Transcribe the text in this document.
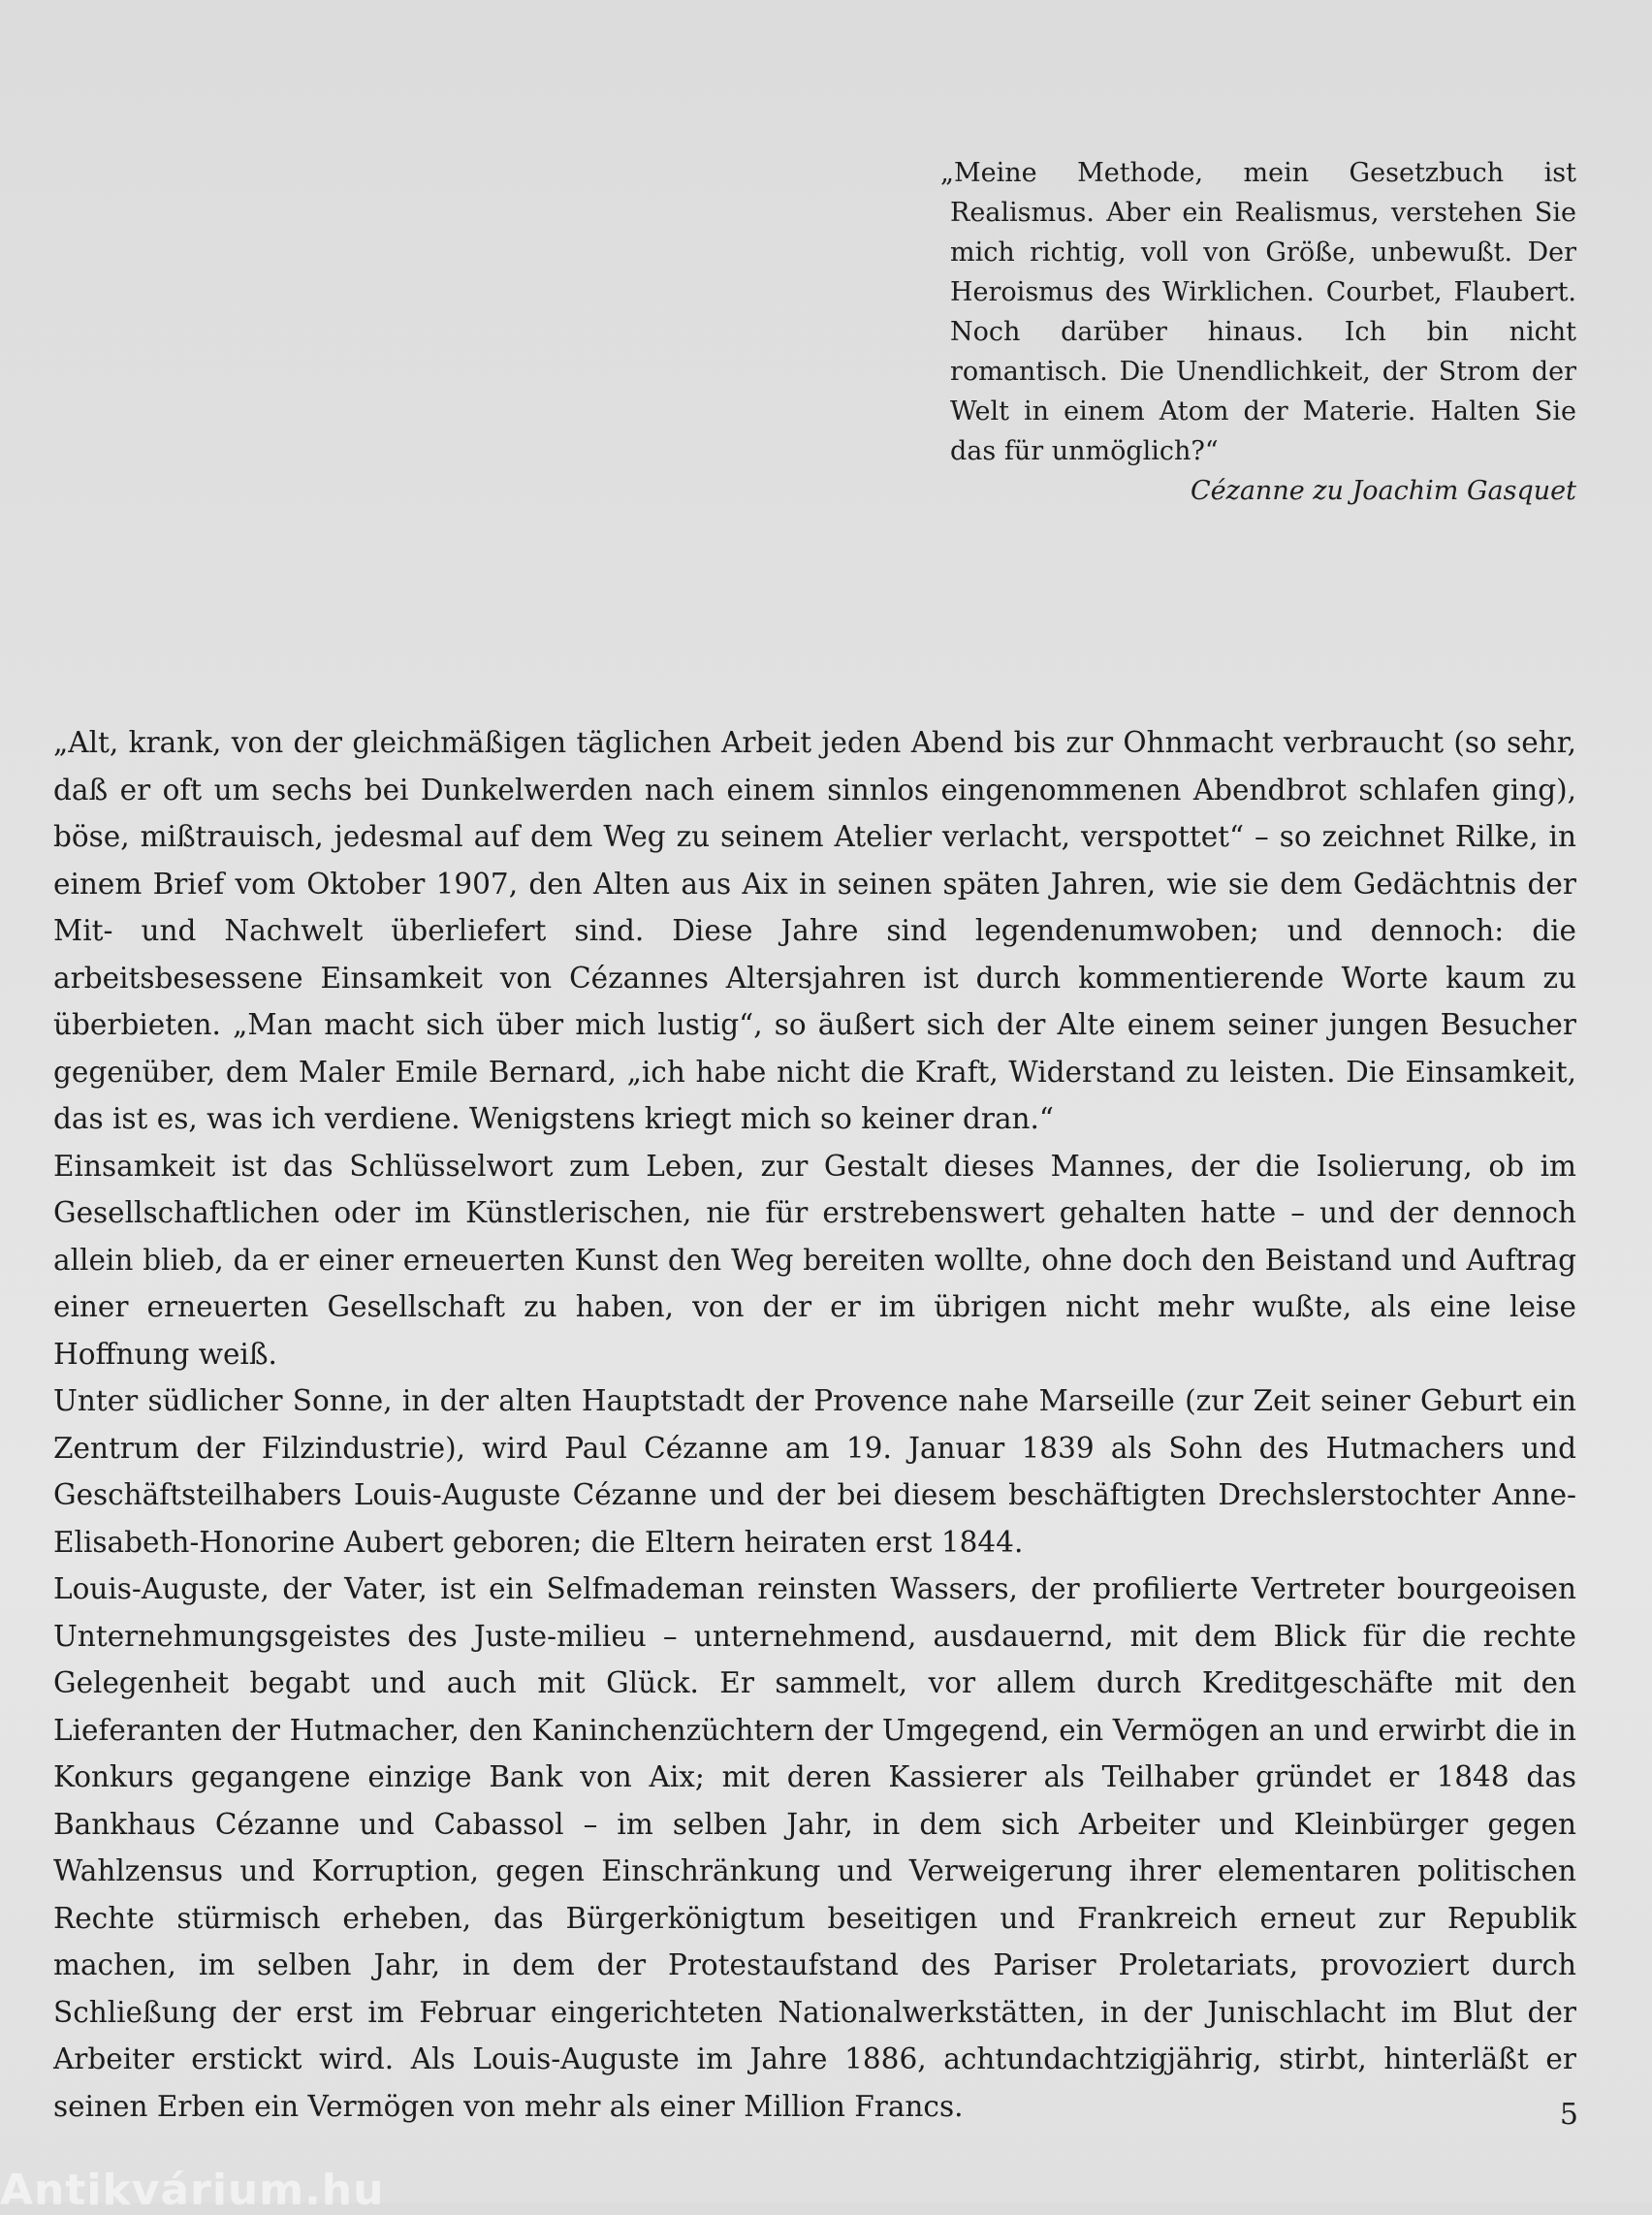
„Meine Methode, mein Gesetzbuch ist Realismus. Aber ein Realismus, verstehen Sie mich richtig, voll von Größe, unbewußt. Der Heroismus des Wirklichen. Courbet, Flaubert. Noch darüber hinaus. Ich bin nicht romantisch. Die Unendlichkeit, der Strom der Welt in einem Atom der Materie. Halten Sie das für unmöglich?“

Cézanne zu Joachim Gasquet

„Alt, krank, von der gleichmäßigen täglichen Arbeit jeden Abend bis zur Ohnmacht verbraucht (so sehr, daß er oft um sechs bei Dunkelwerden nach einem sinnlos eingenommenen Abendbrot schlafen ging), böse, mißtrauisch, jedesmal auf dem Weg zu seinem Atelier verlacht, verspottet“ – so zeichnet Rilke, in einem Brief vom Oktober 1907, den Alten aus Aix in seinen späten Jahren, wie sie dem Gedächtnis der Mit- und Nachwelt überliefert sind. Diese Jahre sind legendenumwoben; und dennoch: die arbeitsbesessene Einsamkeit von Cézannes Altersjahren ist durch kommentierende Worte kaum zu überbieten. „Man macht sich über mich lustig“, so äußert sich der Alte einem seiner jungen Besucher gegenüber, dem Maler Emile Bernard, „ich habe nicht die Kraft, Widerstand zu leisten. Die Einsamkeit, das ist es, was ich verdiene. Wenigstens kriegt mich so keiner dran.“

Einsamkeit ist das Schlüsselwort zum Leben, zur Gestalt dieses Mannes, der die Isolierung, ob im Gesellschaftlichen oder im Künstlerischen, nie für erstrebenswert gehalten hatte – und der dennoch allein blieb, da er einer erneuerten Kunst den Weg bereiten wollte, ohne doch den Beistand und Auftrag einer erneuerten Gesellschaft zu haben, von der er im übrigen nicht mehr wußte, als eine leise Hoffnung weiß.

Unter südlicher Sonne, in der alten Hauptstadt der Provence nahe Marseille (zur Zeit seiner Geburt ein Zentrum der Filzindustrie), wird Paul Cézanne am 19. Januar 1839 als Sohn des Hutmachers und Geschäftsteilhabers Louis-Auguste Cézanne und der bei diesem beschäftigten Drechslerstochter Anne-Elisabeth-Honorine Aubert geboren; die Eltern heiraten erst 1844.

Louis-Auguste, der Vater, ist ein Selfmademan reinsten Wassers, der profilierte Vertreter bourgeoisen Unternehmungsgeistes des Juste-milieu – unternehmend, ausdauernd, mit dem Blick für die rechte Gelegenheit begabt und auch mit Glück. Er sammelt, vor allem durch Kreditgeschäfte mit den Lieferanten der Hutmacher, den Kaninchenzüchtern der Umgegend, ein Vermögen an und erwirbt die in Konkurs gegangene einzige Bank von Aix; mit deren Kassierer als Teilhaber gründet er 1848 das Bankhaus Cézanne und Cabassol – im selben Jahr, in dem sich Arbeiter und Kleinbürger gegen Wahlzensus und Korruption, gegen Einschränkung und Verweigerung ihrer elementaren politischen Rechte stürmisch erheben, das Bürgerkönigtum beseitigen und Frankreich erneut zur Republik machen, im selben Jahr, in dem der Protestaufstand des Pariser Proletariats, provoziert durch Schließung der erst im Februar eingerichteten Nationalwerkstätten, in der Junischlacht im Blut der Arbeiter erstickt wird. Als Louis-Auguste im Jahre 1886, achtundachtzigjährig, stirbt, hinterläßt er seinen Erben ein Vermögen von mehr als einer Million Francs.	5
Antikvárium.hu
